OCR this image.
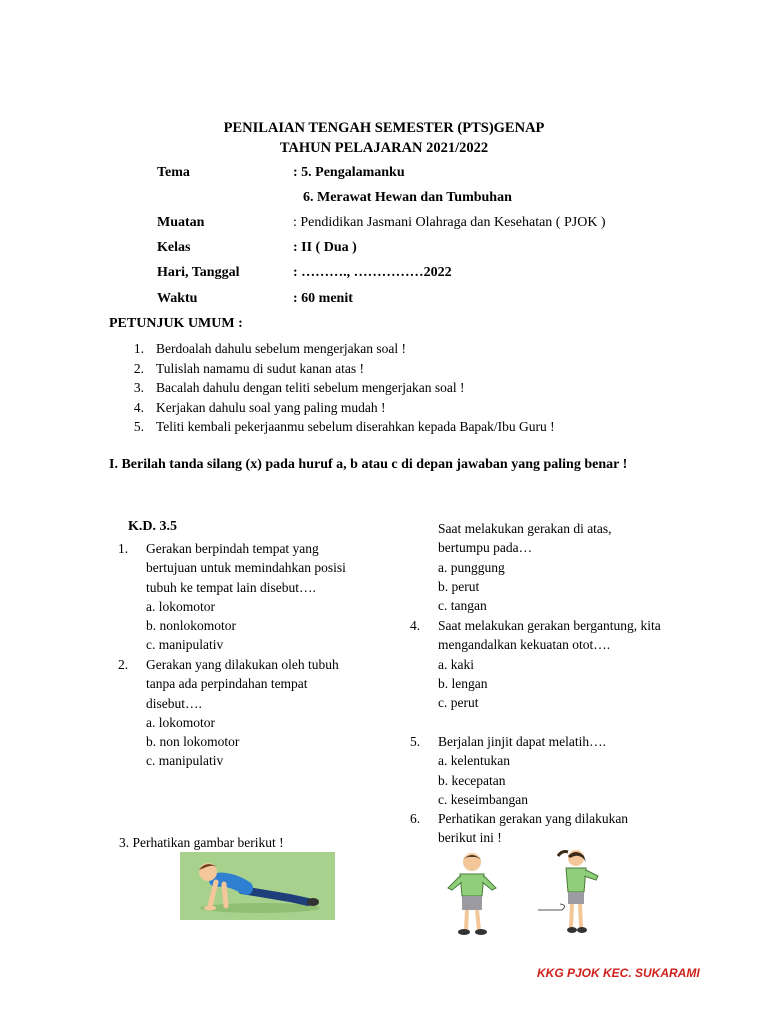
PENILAIAN TENGAH SEMESTER (PTS)GENAP
TAHUN PELAJARAN 2021/2022
Tema	: 5. Pengalamanku
6. Merawat Hewan dan Tumbuhan
Muatan	: Pendidikan Jasmani Olahraga dan Kesehatan ( PJOK )
Kelas	: II ( Dua )
Hari, Tanggal	: ………., ……………2022
Waktu	: 60 menit
PETUNJUK UMUM :
1. Berdoalah dahulu sebelum mengerjakan soal !
2. Tulislah namamu di sudut kanan atas !
3. Bacalah dahulu dengan teliti sebelum mengerjakan soal !
4. Kerjakan dahulu soal yang paling mudah !
5. Teliti kembali pekerjaanmu sebelum diserahkan kepada Bapak/Ibu Guru !
I. Berilah tanda silang (x) pada huruf a, b atau c di depan jawaban yang paling benar !
K.D. 3.5
1. Gerakan berpindah tempat yang
bertujuan untuk memindahkan posisi
tubuh ke tempat lain disebut….
a. lokomotor
b. nonlokomotor
c. manipulativ
2. Gerakan yang dilakukan oleh tubuh
tanpa ada perpindahan tempat
disebut….
a. lokomotor
b. non lokomotor
c. manipulativ
3. Perhatikan gambar berikut !
Saat melakukan gerakan di atas,
bertumpu pada…
a. punggung
b. perut
c. tangan
4. Saat melakukan gerakan bergantung, kita
mengandalkan kekuatan otot….
a. kaki
b. lengan
c. perut
5. Berjalan jinjit dapat melatih….
a. kelentukan
b. kecepatan
c. keseimbangan
6. Perhatikan gerakan yang dilakukan
berikut ini !
KKG PJOK KEC. SUKARAMI
